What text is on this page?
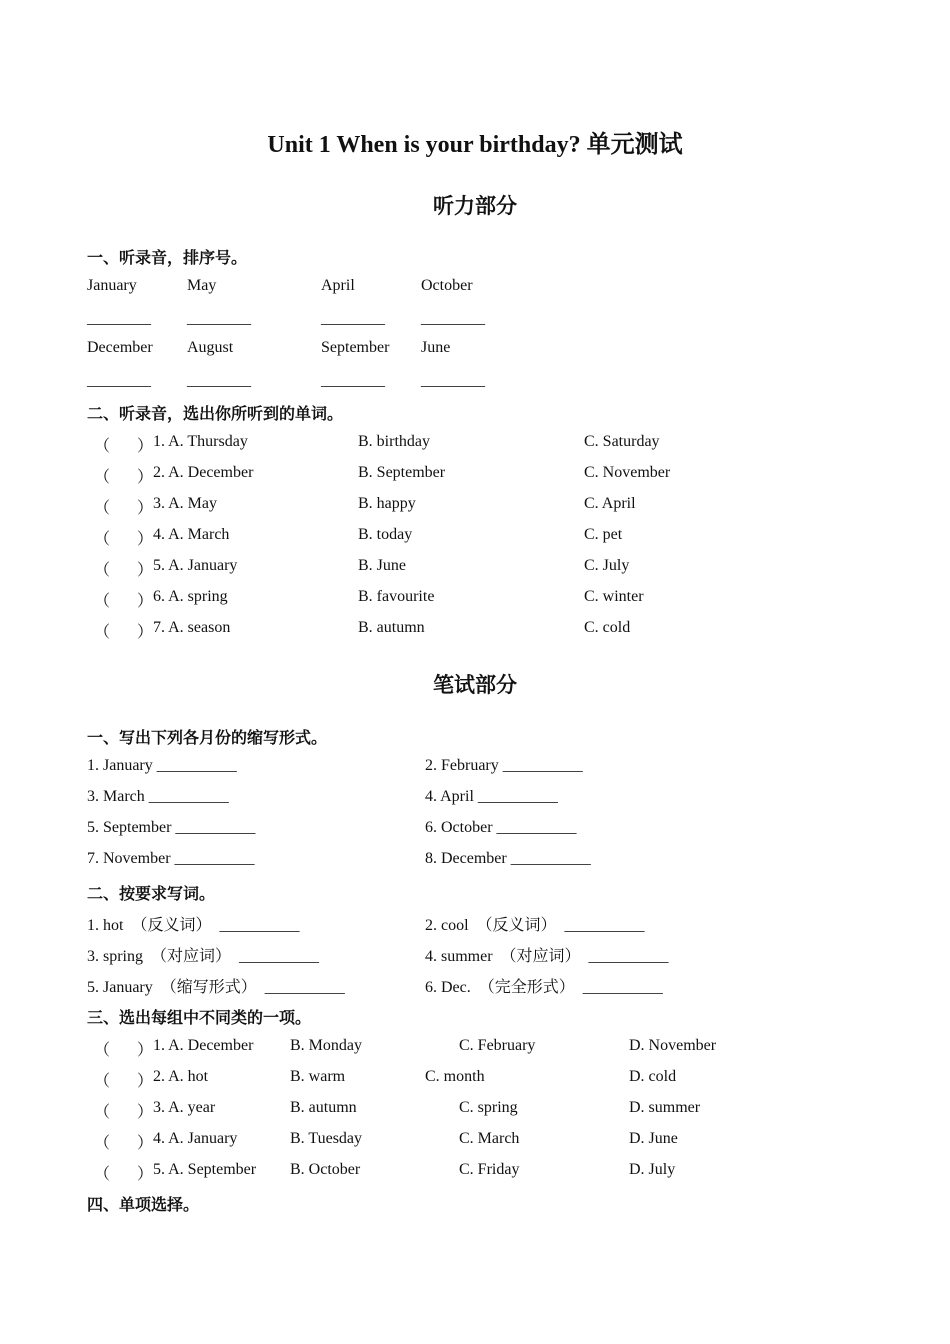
Unit 1 When is your birthday? 单元测试
听力部分
一、听录音，排序号。
January	May	April	October
________ ________	________ ________
December August	September June
________ ________	________ ________
二、听录音，选出你所听到的单词。
（ ） 1. A. Thursday	B. birthday	C. Saturday
（ ） 2. A. December	B. September	C. November
（ ） 3. A. May	B. happy	C. April
（ ） 4. A. March	B. today	C. pet
（ ） 5. A. January	B. June	C. July
（ ） 6. A. spring	B. favourite	C. winter
（ ） 7. A. season	B. autumn	C. cold
笔试部分
一、写出下列各月份的缩写形式。
1. January __________	2. February __________
3. March __________	4. April __________
5. September __________	6. October __________
7. November __________	8. December __________
二、按要求写词。
1. hot  （反义词）  __________	2. cool  （反义词）  __________
3. spring  （对应词）  __________	4. summer  （对应词）  __________
5. January  （缩写形式）  __________	6. Dec.  （完全形式）  __________
三、选出每组中不同类的一项。
（ ） 1. A. December B. Monday	C. February	D. November
（ ） 2. A. hot	B. warm	C. month	D. cold
（ ） 3. A. year	B. autumn	C. spring	D. summer
（ ） 4. A. January	B. Tuesday	C. March	D. June
（ ） 5. A. September B. October	C. Friday	D. July
四、单项选择。
